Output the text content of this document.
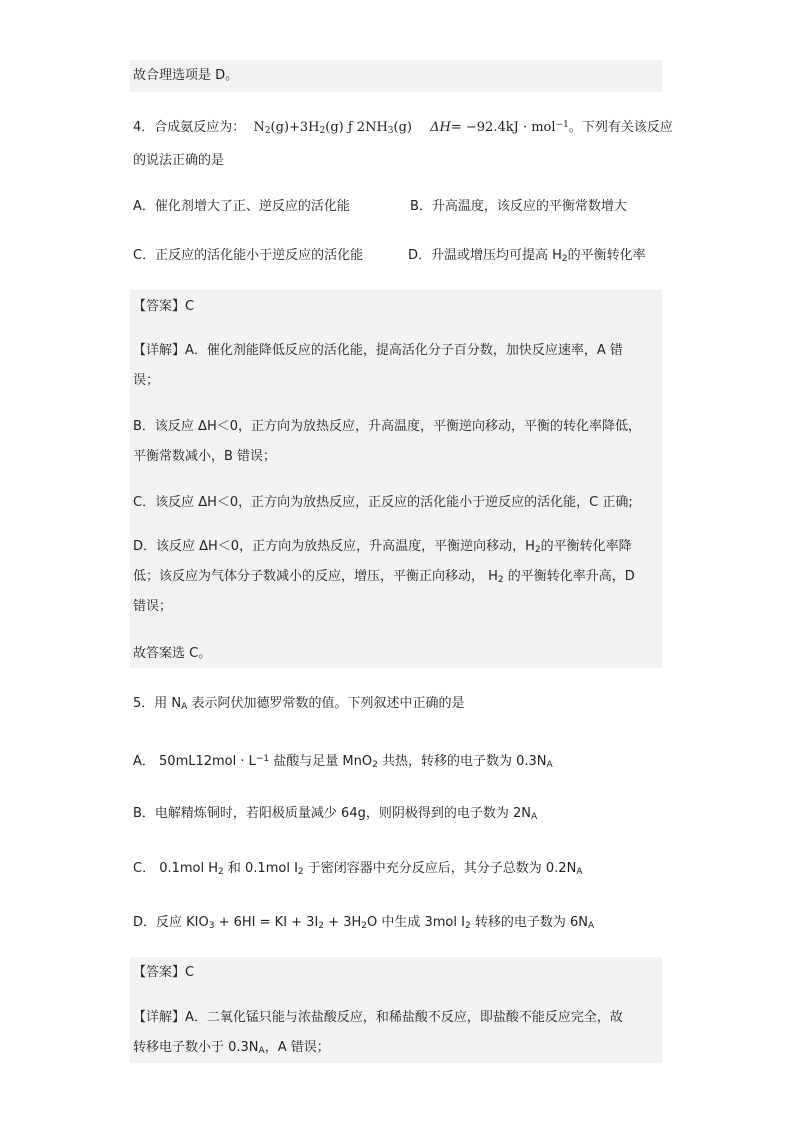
故合理选项是 D。
4．合成氨反应为： $N_2(g)+3H_2(g)$ ƒ $2NH_3(g)$ ΔH= −92.4kJ · mol$^{-1}$。下列有关该反应
的说法正确的是
A．催化剂增大了正、逆反应的活化能	B．升高温度，该反应的平衡常数增大
C．正反应的活化能小于逆反应的活化能	D．升温或增压均可提高 $H_2$的平衡转化率
【答案】C
【详解】A．催化剂能降低反应的活化能，提高活化分子百分数，加快反应速率，A 错
误；
B．该反应 ΔH＜0，正方向为放热反应，升高温度，平衡逆向移动，平衡的转化率降低，
平衡常数减小，B 错误；
C．该反应 ΔH＜0，正方向为放热反应，正反应的活化能小于逆反应的活化能，C 正确;
D．该反应 ΔH＜0，正方向为放热反应，升高温度，平衡逆向移动，$H_2$的平衡转化率降
低；该反应为气体分子数减小的反应，增压，平衡正向移动， $H_2$ 的平衡转化率升高，D
错误；
故答案选 C。
5．用 $N_A$ 表示阿伏加德罗常数的值。下列叙述中正确的是
A． $50mL12mol \cdot L^{-1}$ 盐酸与足量 MnO$_2$ 共热，转移的电子数为 $0.3N_A$
B．电解精炼铜时，若阳极质量减少 64g，则阴极得到的电子数为 $2N_A$
C． 0.1mol $H_2$ 和 0.1mol $I_2$ 于密闭容器中充分反应后，其分子总数为 $0.2N_A$
D．反应 $KIO_3 + 6HI$ = KI + $3I_2 + 3H_2O$ 中生成 3mol $I_2$ 转移的电子数为 $6N_A$
【答案】C
【详解】A．二氧化锰只能与浓盐酸反应，和稀盐酸不反应，即盐酸不能反应完全，故
转移电子数小于 $0.3N_A$，A 错误；
